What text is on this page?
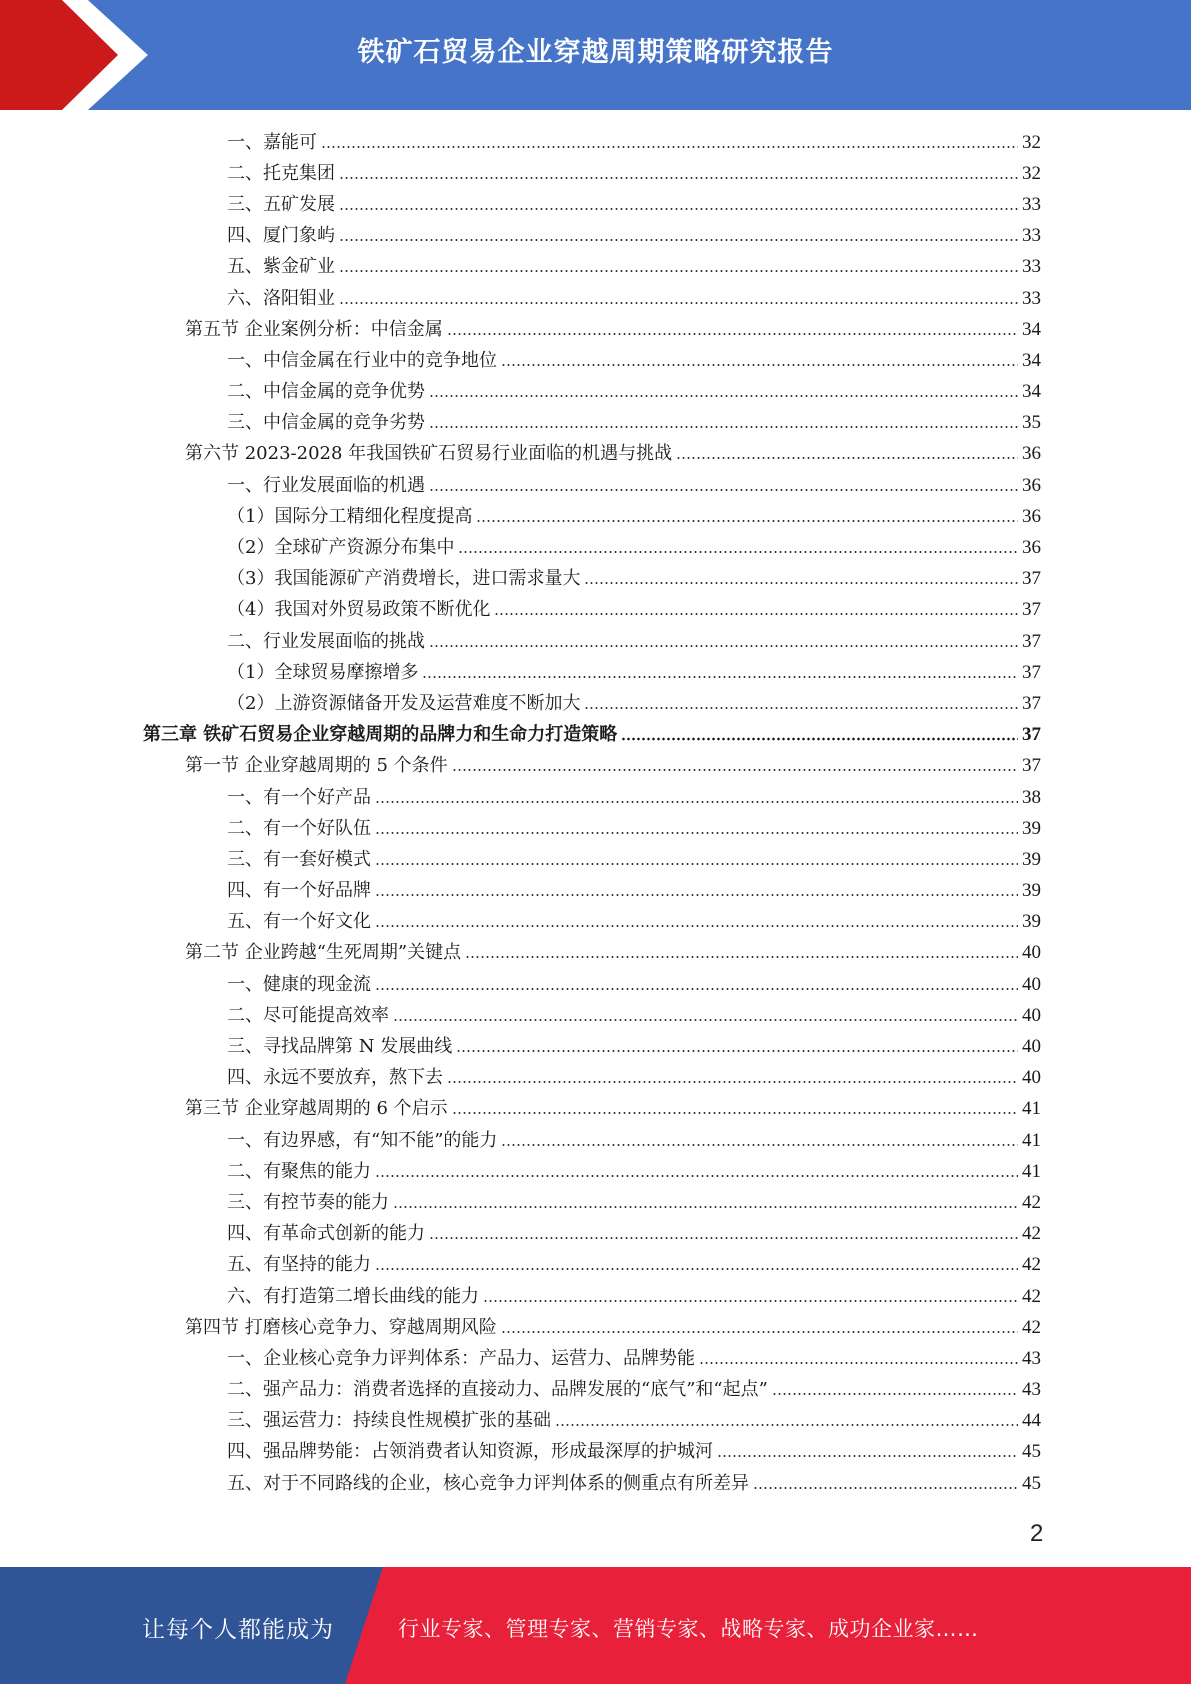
铁矿石贸易企业穿越周期策略研究报告
一、嘉能可	32
二、托克集团	32
三、五矿发展	33
四、厦门象屿	33
五、紫金矿业	33
六、洛阳钼业	33
第五节 企业案例分析：中信金属	34
一、中信金属在行业中的竞争地位	34
二、中信金属的竞争优势	34
三、中信金属的竞争劣势	35
第六节 2023-2028 年我国铁矿石贸易行业面临的机遇与挑战	36
一、行业发展面临的机遇	36
（1）国际分工精细化程度提高	36
（2）全球矿产资源分布集中	36
（3）我国能源矿产消费增长，进口需求量大	37
（4）我国对外贸易政策不断优化	37
二、行业发展面临的挑战	37
（1）全球贸易摩擦增多	37
（2）上游资源储备开发及运营难度不断加大	37
第三章 铁矿石贸易企业穿越周期的品牌力和生命力打造策略	37
第一节 企业穿越周期的 5 个条件	37
一、有一个好产品	38
二、有一个好队伍	39
三、有一套好模式	39
四、有一个好品牌	39
五、有一个好文化	39
第二节 企业跨越“生死周期”关键点	40
一、健康的现金流	40
二、尽可能提高效率	40
三、寻找品牌第 N 发展曲线	40
四、永远不要放弃，熬下去	40
第三节 企业穿越周期的 6 个启示	41
一、有边界感，有“知不能”的能力	41
二、有聚焦的能力	41
三、有控节奏的能力	42
四、有革命式创新的能力	42
五、有坚持的能力	42
六、有打造第二增长曲线的能力	42
第四节 打磨核心竞争力、穿越周期风险	42
一、企业核心竞争力评判体系：产品力、运营力、品牌势能	43
二、强产品力：消费者选择的直接动力、品牌发展的“底气”和“起点”	43
三、强运营力：持续良性规模扩张的基础	44
四、强品牌势能：占领消费者认知资源，形成最深厚的护城河	45
五、对于不同路线的企业，核心竞争力评判体系的侧重点有所差异	45
2
让每个人都能成为	行业专家、管理专家、营销专家、战略专家、成功企业家……
